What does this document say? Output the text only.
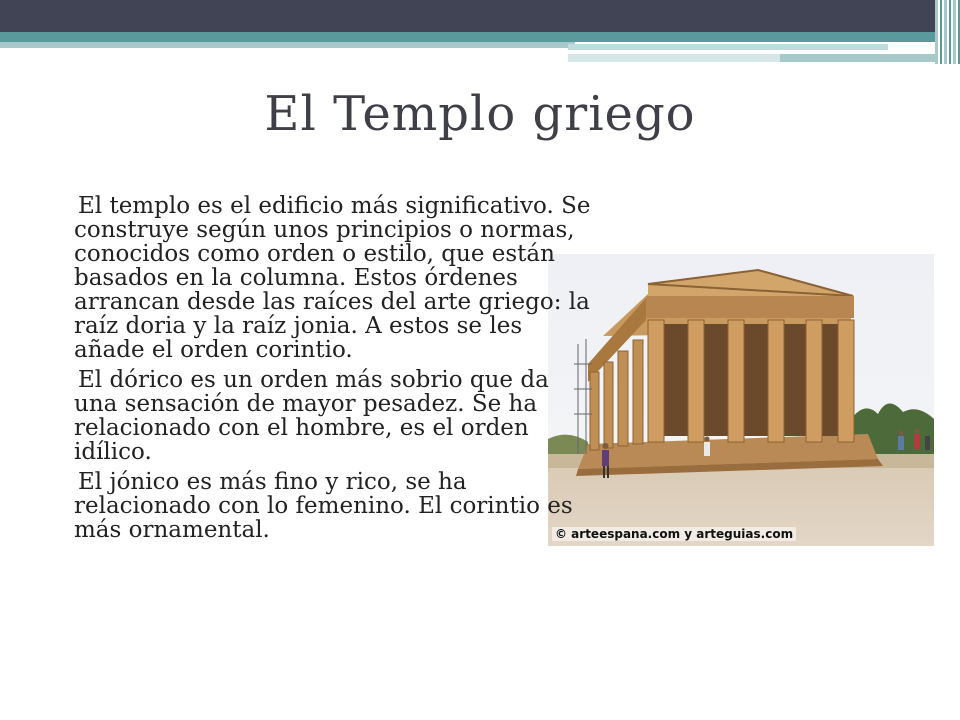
El Templo griego
© arteespana.com y arteguias.com

El templo es el edificio más significativo. Se construye según unos principios o normas, conocidos como orden o estilo, que están basados en la columna. Estos órdenes arrancan desde las raíces del arte griego: la raíz doria y la raíz jonia. A estos se les añade el orden corintio.

El dórico es un orden más sobrio que da una sensación de mayor pesadez. Se ha relacionado con el hombre, es el orden idílico.

El jónico es más fino y rico, se ha relacionado con lo femenino. El corintio es más ornamental.
